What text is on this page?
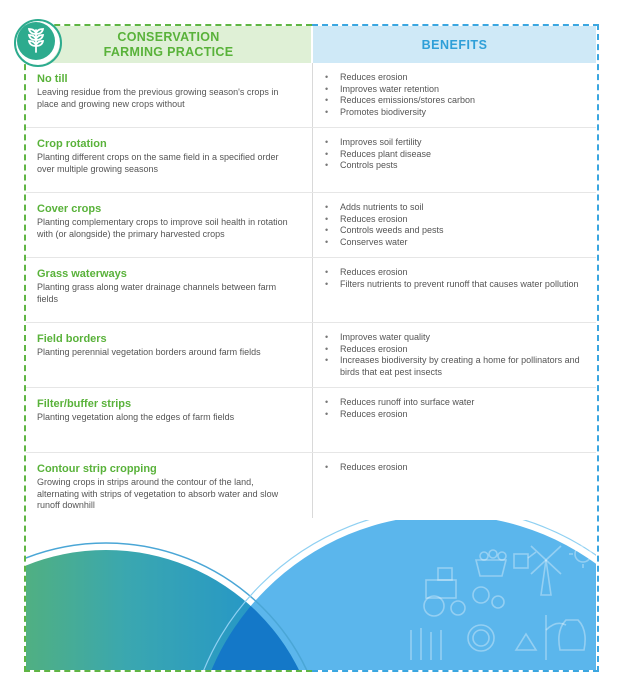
CONSERVATION
FARMING PRACTICE	BENEFITS
No till
Leaving residue from the previous growing season's crops in place and growing new crops without
• Reduces erosion
• Improves water retention
• Reduces emissions/stores carbon
• Promotes biodiversity
Crop rotation
Planting different crops on the same field in a specified order over multiple growing seasons
• Improves soil fertility
• Reduces plant disease
• Controls pests
Cover crops
Planting complementary crops to improve soil health in rotation with (or alongside) the primary harvested crops
• Adds nutrients to soil
• Reduces erosion
• Controls weeds and pests
• Conserves water
Grass waterways
Planting grass along water drainage channels between farm fields
• Reduces erosion
• Filters nutrients to prevent runoff that causes water pollution
Field borders
Planting perennial vegetation borders around farm fields
• Improves water quality
• Reduces erosion
• Increases biodiversity by creating a home for pollinators and birds that eat pest insects
Filter/buffer strips
Planting vegetation along the edges of farm fields
• Reduces runoff into surface water
• Reduces erosion
Contour strip cropping
Growing crops in strips around the contour of the land, alternating with strips of vegetation to absorb water and slow runoff downhill
• Reduces erosion
